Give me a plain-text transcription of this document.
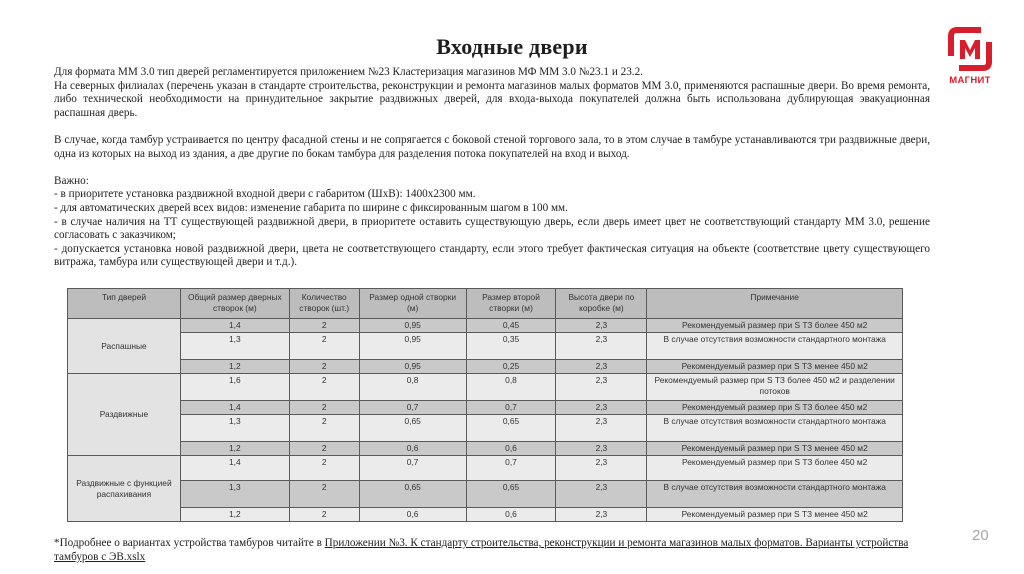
Входные двери
МАГНИТ

Для формата ММ 3.0 тип дверей регламентируется приложением №23 Кластеризация магазинов МФ ММ 3.0 №23.1 и 23.2.

На северных филиалах (перечень указан в стандарте строительства, реконструкции и ремонта магазинов малых форматов ММ 3.0, применяются распашные двери. Во время ремонта, либо технической необходимости на принудительное закрытие раздвижных дверей, для входа-выхода покупателей должна быть использована дублирующая эвакуационная распашная дверь.

В случае, когда тамбур устраивается по центру фасадной стены и не сопрягается с боковой стеной торгового зала, то в этом случае в тамбуре устанавливаются три раздвижные двери, одна из которых на выход из здания, а две другие по бокам тамбура для разделения потока покупателей на вход и выход.

Важно:

- в приоритете установка раздвижной входной двери с габаритом (ШхВ): 1400х2300 мм.

- для автоматических дверей всех видов: изменение габарита по ширине с фиксированным шагом в 100 мм.

- в случае наличия на ТТ существующей раздвижной двери, в приоритете оставить существующую дверь, если дверь имеет цвет не соответствующий стандарту ММ 3.0, решение согласовать с заказчиком;

- допускается установка новой раздвижной двери, цвета не соответствующего стандарту, если этого требует фактическая ситуация на объекте (соответствие цвету существующего витража, тамбура или существующей двери и т.д.).

Тип дверей	Общий размер дверных створок (м)	Количество створок (шт.)	Размер одной створки (м)	Размер второй створки (м)	Высота двери по коробке (м)	Примечание
Распашные	1,4	2	0,95	0,45	2,3	Рекомендуемый размер при S ТЗ более 450 м2
	1,3	2	0,95	0,35	2,3	В случае отсутствия возможности стандартного монтажа
	1,2	2	0,95	0,25	2,3	Рекомендуемый размер при S ТЗ менее 450 м2
Раздвижные	1,6	2	0,8	0,8	2,3	Рекомендуемый размер при S ТЗ более 450 м2 и разделении потоков
	1,4	2	0,7	0,7	2,3	Рекомендуемый размер при S ТЗ более 450 м2
	1,3	2	0,65	0,65	2,3	В случае отсутствия возможности стандартного монтажа
	1,2	2	0,6	0,6	2,3	Рекомендуемый размер при S ТЗ менее 450 м2
Раздвижные с функцией распахивания	1,4	2	0,7	0,7	2,3	Рекомендуемый размер при S ТЗ более 450 м2
	1,3	2	0,65	0,65	2,3	В случае отсутствия возможности стандартного монтажа
	1,2	2	0,6	0,6	2,3	Рекомендуемый размер при S ТЗ менее 450 м2
*Подробнее о вариантах устройства тамбуров читайте в Приложении №3. К стандарту строительства, реконструкции и ремонта магазинов малых форматов. Варианты устройства тамбуров с ЭВ.xslx
20
